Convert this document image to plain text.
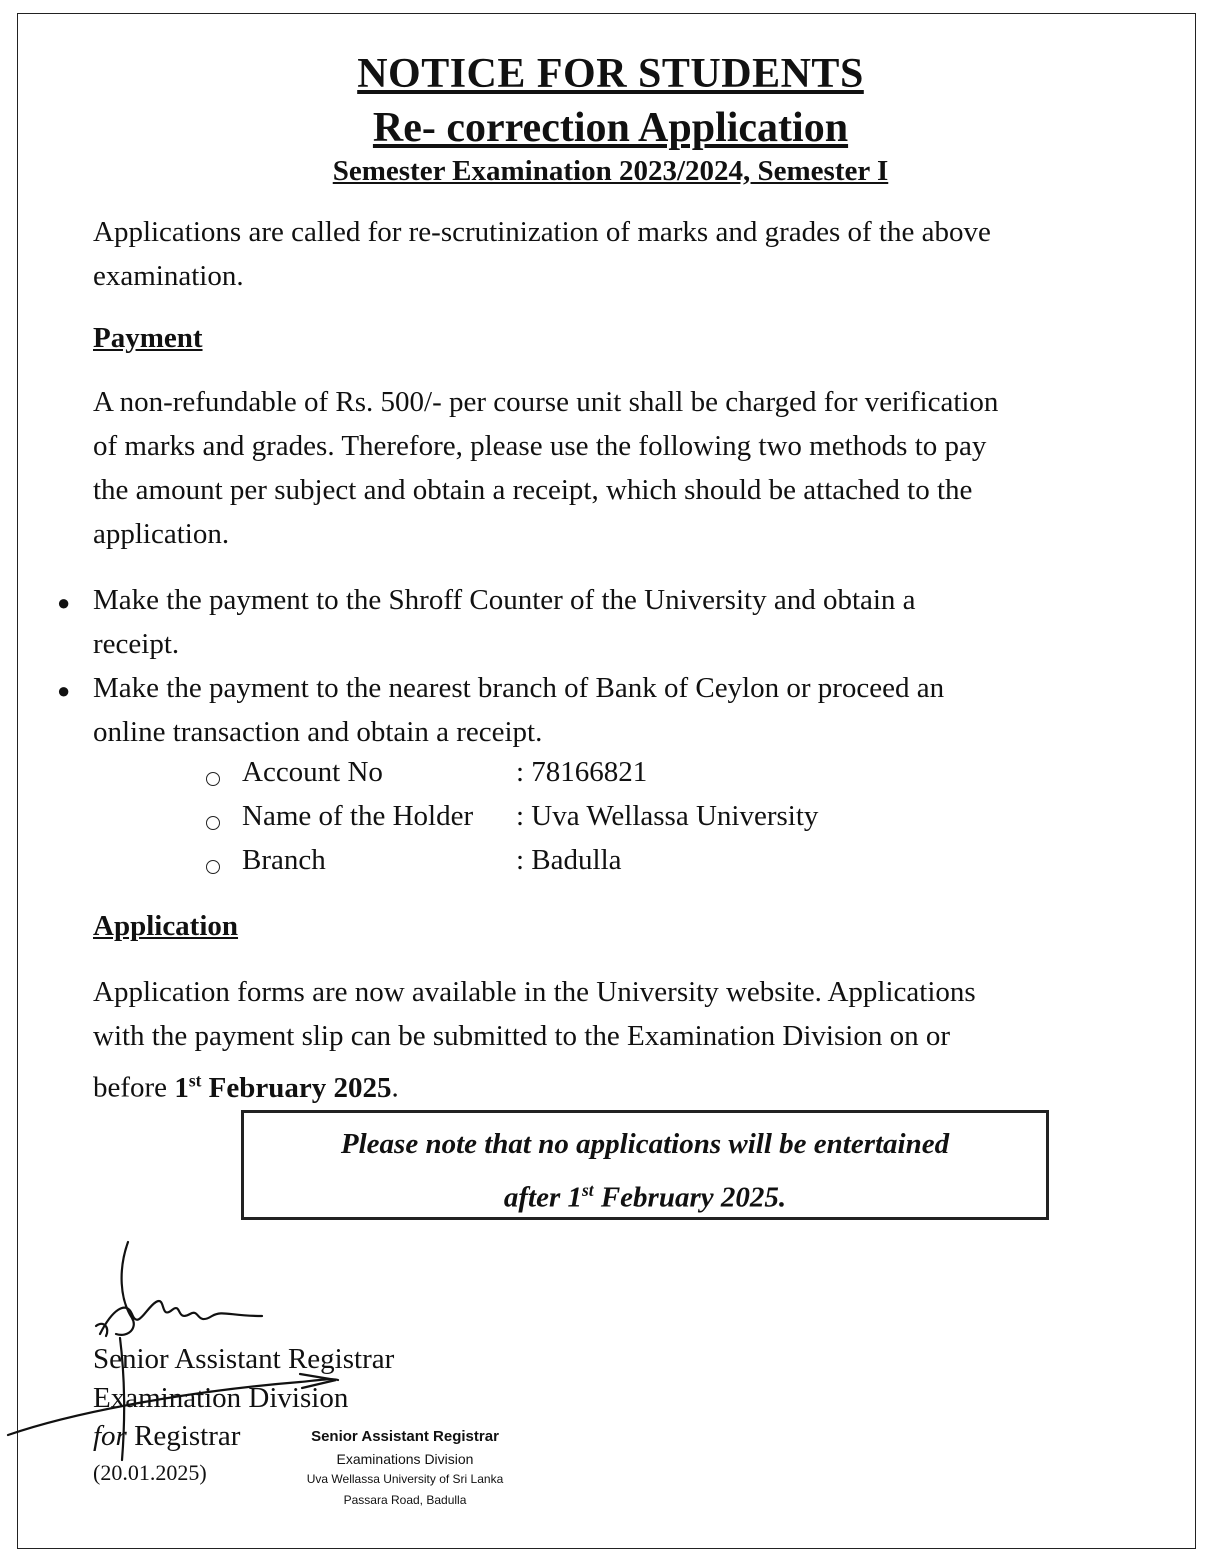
NOTICE FOR STUDENTS
Re- correction Application
Semester Examination 2023/2024, Semester I
Applications are called for re-scrutinization of marks and grades of the above
examination.
Payment
A non-refundable of Rs. 500/- per course unit shall be charged for verification
of marks and grades. Therefore, please use the following two methods to pay
the amount per subject and obtain a receipt, which should be attached to the
application.
● Make the payment to the Shroff Counter of the University and obtain a
receipt.
● Make the payment to the nearest branch of Bank of Ceylon or proceed an
online transaction and obtain a receipt.
Account No	: 78166821
Name of the Holder : Uva Wellassa University
Branch	: Badulla
Application
Application forms are now available in the University website. Applications
with the payment slip can be submitted to the Examination Division on or
before 1st February 2025.
Please note that no applications will be entertained
after 1st February 2025.
Senior Assistant Registrar
Examination Division
for Registrar
(20.01.2025)
Senior Assistant Registrar
Examinations Division
Uva Wellassa University of Sri Lanka
Passara Road, Badulla
